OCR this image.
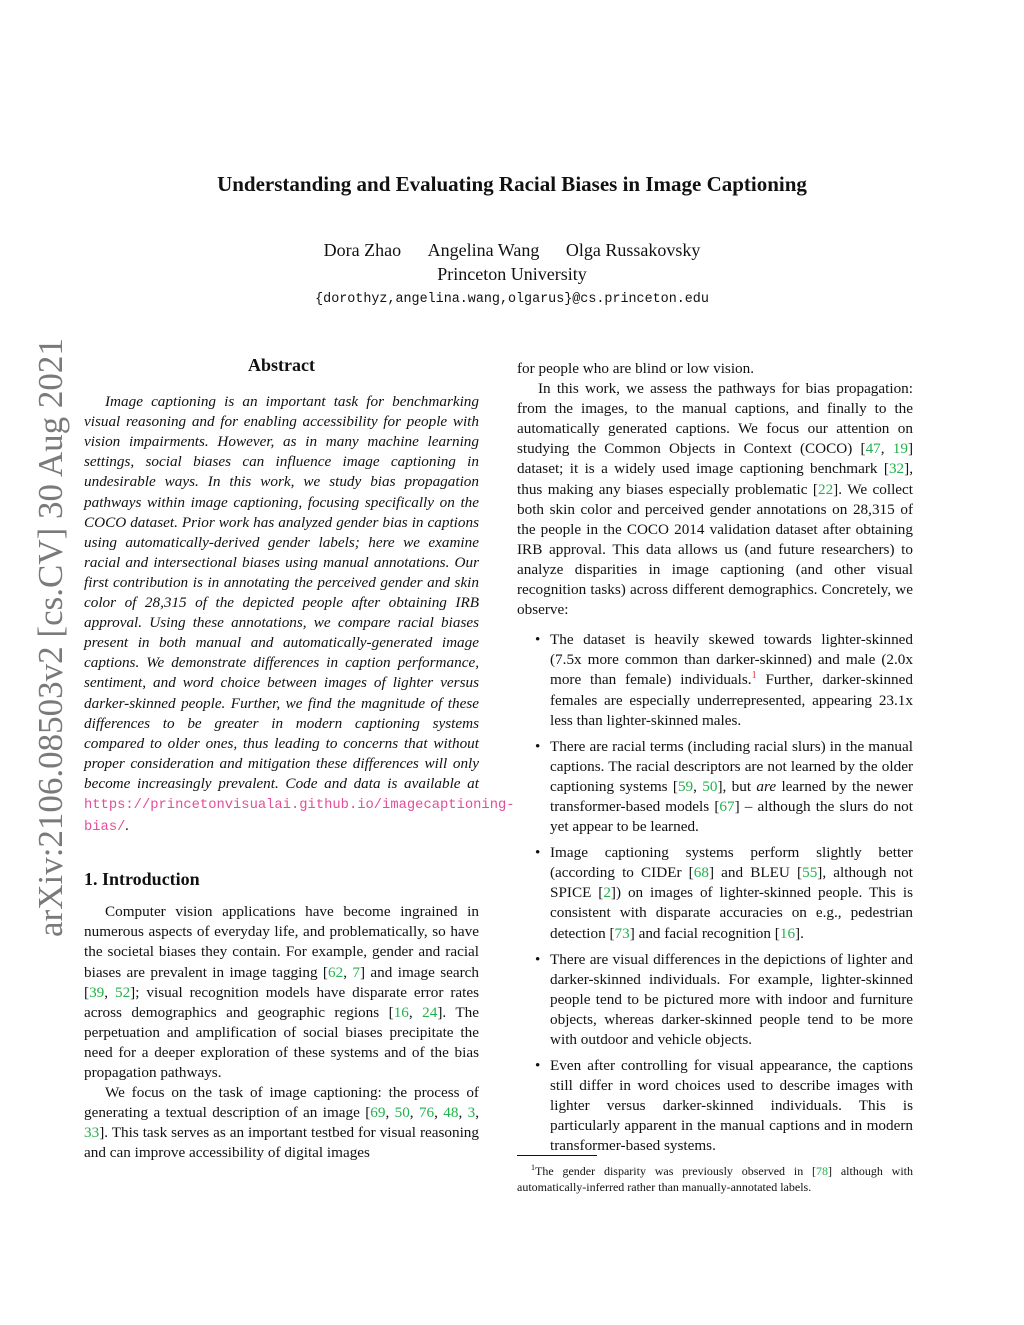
Understanding and Evaluating Racial Biases in Image Captioning
Dora Zhao Angelina Wang Olga Russakovsky
Princeton University
{dorothyz,angelina.wang,olgarus}@cs.princeton.edu
arXiv:2106.08503v2 [cs.CV] 30 Aug 2021	Abstract

Image captioning is an important task for benchmarking visual reasoning and for enabling accessibility for people with vision impairments. However, as in many machine learning settings, social biases can influence image captioning in undesirable ways. In this work, we study bias propagation pathways within image captioning, focusing specifically on the COCO dataset. Prior work has analyzed gender bias in captions using automatically-derived gender labels; here we examine racial and intersectional biases using manual annotations. Our first contribution is in annotating the perceived gender and skin color of 28,315 of the depicted people after obtaining IRB approval. Using these annotations, we compare racial biases present in both manual and automatically-generated image captions. We demonstrate differences in caption performance, sentiment, and word choice between images of lighter versus darker-skinned people. Further, we find the magnitude of these differences to be greater in modern captioning systems compared to older ones, thus leading to concerns that without proper consideration and mitigation these differences will only become increasingly prevalent. Code and data is available at https://princetonvisualai.github.io/imagecaptioning-bias/.

1. Introduction

Computer vision applications have become ingrained in numerous aspects of everyday life, and problematically, so have the societal biases they contain. For example, gender and racial biases are prevalent in image tagging [62, 7] and image search [39, 52]; visual recognition models have disparate error rates across demographics and geographic regions [16, 24]. The perpetuation and amplification of social biases precipitate the need for a deeper exploration of these systems and of the bias propagation pathways.

We focus on the task of image captioning: the process of generating a textual description of an image [69, 50, 76, 48, 3, 33]. This task serves as an important testbed for visual reasoning and can improve accessibility of digital images

for people who are blind or low vision.

In this work, we assess the pathways for bias propagation: from the images, to the manual captions, and finally to the automatically generated captions. We focus our attention on studying the Common Objects in Context (COCO) [47, 19] dataset; it is a widely used image captioning benchmark [32], thus making any biases especially problematic [22]. We collect both skin color and perceived gender annotations on 28,315 of the people in the COCO 2014 validation dataset after obtaining IRB approval. This data allows us (and future researchers) to analyze disparities in image captioning (and other visual recognition tasks) across different demographics. Concretely, we observe:

• The dataset is heavily skewed towards lighter-skinned (7.5x more common than darker-skinned) and male (2.0x more than female) individuals.$^1$ Further, darker-skinned females are especially underrepresented, appearing 23.1x less than lighter-skinned males.
• There are racial terms (including racial slurs) in the manual captions. The racial descriptors are not learned by the older captioning systems [59, 50], but are learned by the newer transformer-based models [67] – although the slurs do not yet appear to be learned.
• Image captioning systems perform slightly better (according to CIDEr [68] and BLEU [55], although not SPICE [2]) on images of lighter-skinned people. This is consistent with disparate accuracies on e.g., pedestrian detection [73] and facial recognition [16].
• There are visual differences in the depictions of lighter and darker-skinned individuals. For example, lighter-skinned people tend to be pictured more with indoor and furniture objects, whereas darker-skinned people tend to be more with outdoor and vehicle objects.
• Even after controlling for visual appearance, the captions still differ in word choices used to describe images with lighter versus darker-skinned individuals. This is particularly apparent in the manual captions and in modern transformer-based systems.
$^1$The gender disparity was previously observed in [78] although with automatically-inferred rather than manually-annotated labels.
